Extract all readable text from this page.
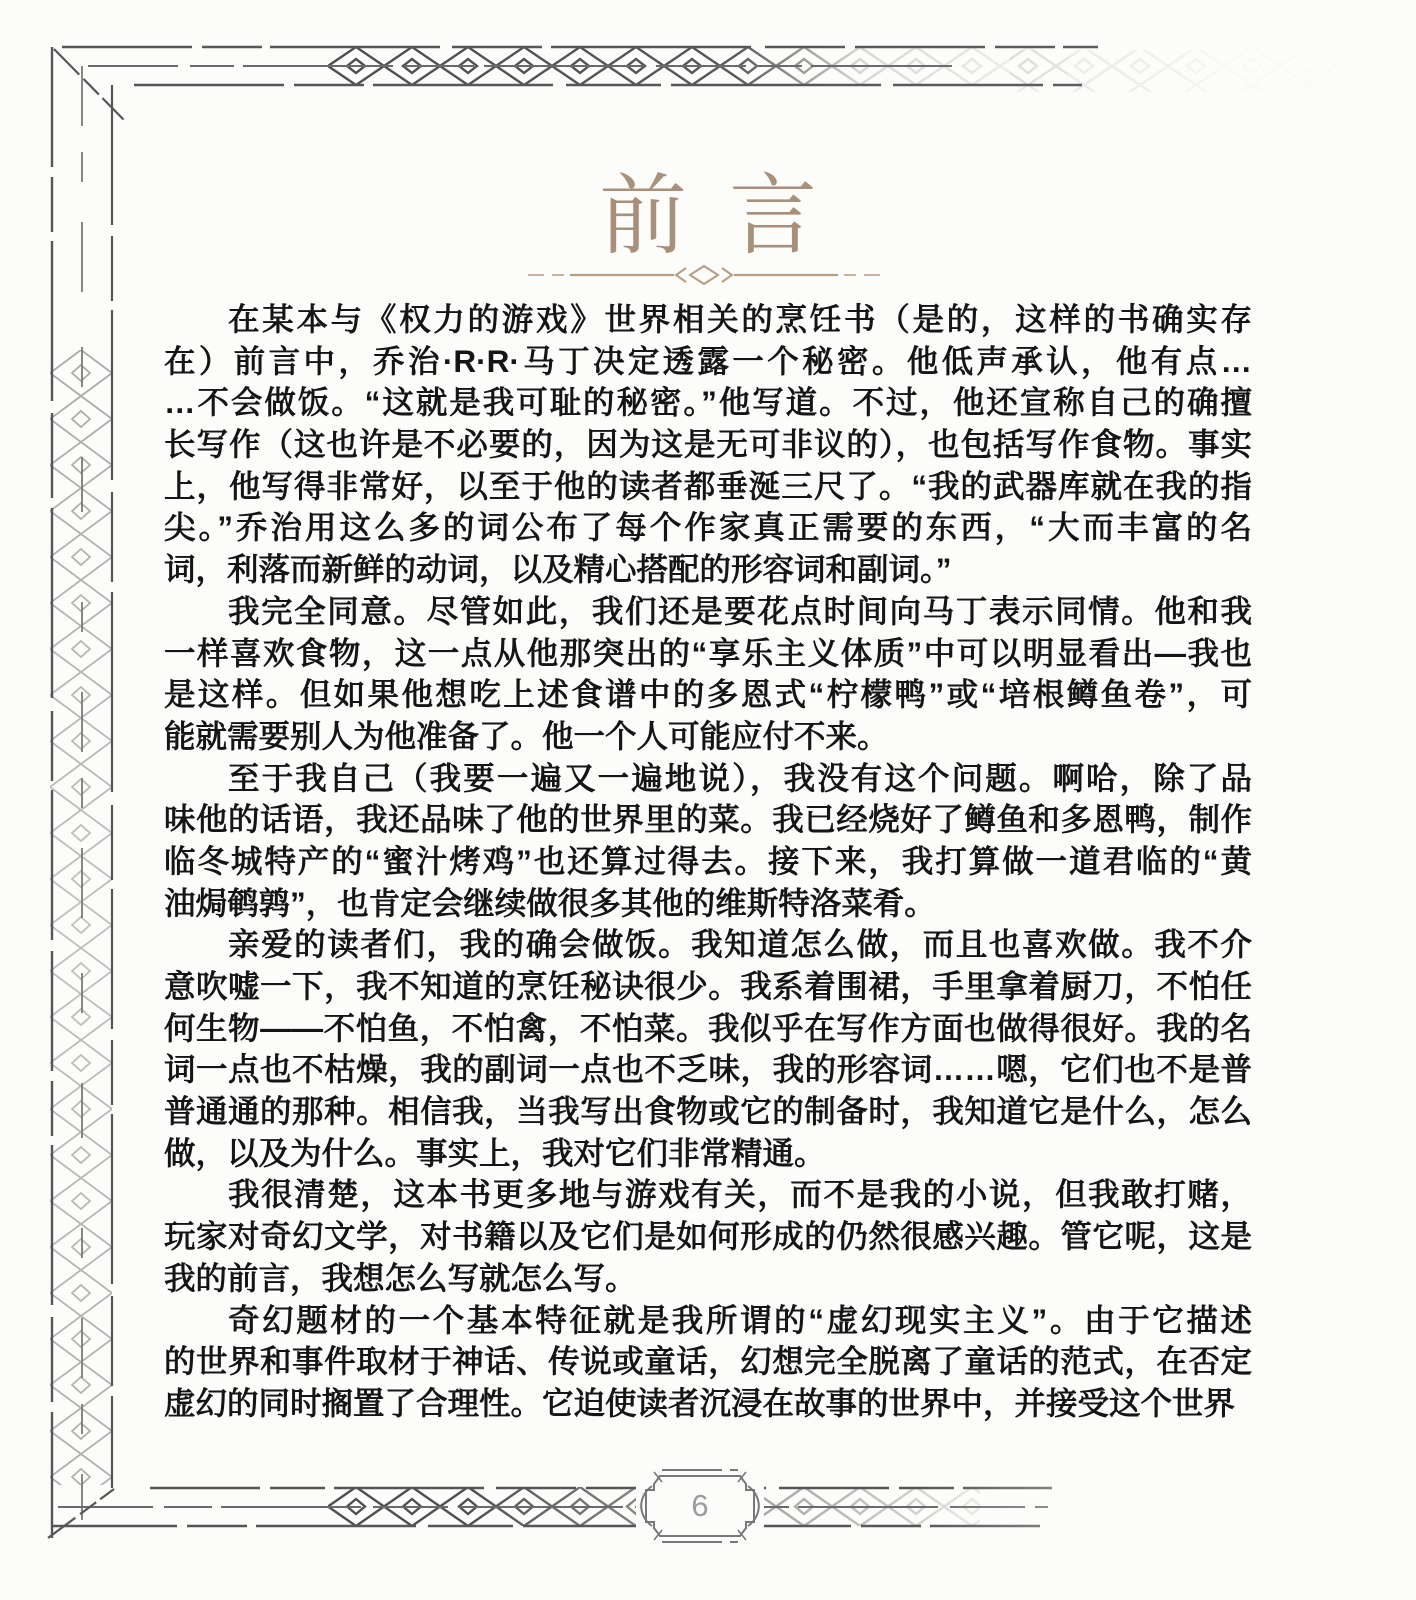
前言
在某本与《权力的游戏》世界相关的烹饪书（是的，这样的书确实存
在）前言中，乔治·R·R·马丁决定透露一个秘密。他低声承认，他有点…
…不会做饭。“这就是我可耻的秘密。”他写道。不过，他还宣称自己的确擅
长写作（这也许是不必要的，因为这是无可非议的），也包括写作食物。事实
上，他写得非常好，以至于他的读者都垂涎三尺了。“我的武器库就在我的指
尖。”乔治用这么多的词公布了每个作家真正需要的东西，“大而丰富的名
词，利落而新鲜的动词，以及精心搭配的形容词和副词。”
我完全同意。尽管如此，我们还是要花点时间向马丁表示同情。他和我
一样喜欢食物，这一点从他那突出的“享乐主义体质”中可以明显看出—我也
是这样。但如果他想吃上述食谱中的多恩式“柠檬鸭”或“培根鳟鱼卷”，可
能就需要别人为他准备了。他一个人可能应付不来。
至于我自己（我要一遍又一遍地说），我没有这个问题。啊哈，除了品
味他的话语，我还品味了他的世界里的菜。我已经烧好了鳟鱼和多恩鸭，制作
临冬城特产的“蜜汁烤鸡”也还算过得去。接下来，我打算做一道君临的“黄
油焗鹌鹑”，也肯定会继续做很多其他的维斯特洛菜肴。
亲爱的读者们，我的确会做饭。我知道怎么做，而且也喜欢做。我不介
意吹嘘一下，我不知道的烹饪秘诀很少。我系着围裙，手里拿着厨刀，不怕任
何生物——不怕鱼，不怕禽，不怕菜。我似乎在写作方面也做得很好。我的名
词一点也不枯燥，我的副词一点也不乏味，我的形容词……嗯，它们也不是普
普通通的那种。相信我，当我写出食物或它的制备时，我知道它是什么，怎么
做，以及为什么。事实上，我对它们非常精通。
我很清楚，这本书更多地与游戏有关，而不是我的小说，但我敢打赌，
玩家对奇幻文学，对书籍以及它们是如何形成的仍然很感兴趣。管它呢，这是
我的前言，我想怎么写就怎么写。
奇幻题材的一个基本特征就是我所谓的“虚幻现实主义”。由于它描述
的世界和事件取材于神话、传说或童话，幻想完全脱离了童话的范式，在否定
虚幻的同时搁置了合理性。它迫使读者沉浸在故事的世界中，并接受这个世界
6
